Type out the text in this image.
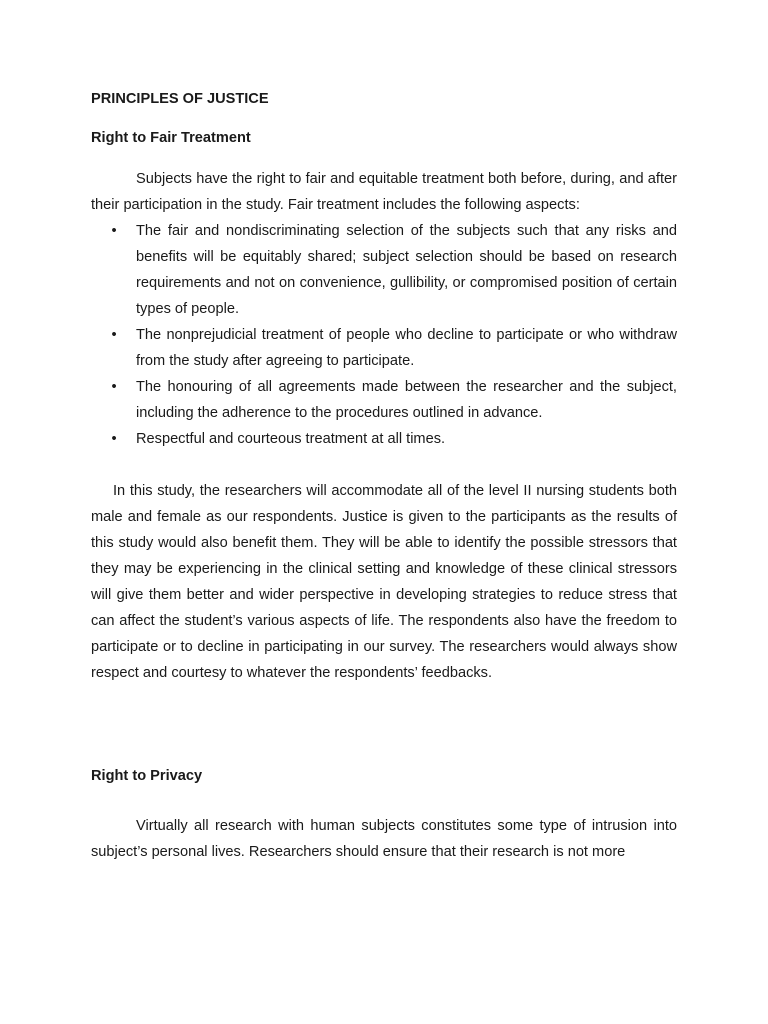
PRINCIPLES OF JUSTICE

Right to Fair Treatment

Subjects have the right to fair and equitable treatment both before, during, and after their participation in the study. Fair treatment includes the following aspects:

• The fair and nondiscriminating selection of the subjects such that any risks and benefits will be equitably shared; subject selection should be based on research requirements and not on convenience, gullibility, or compromised position of certain types of people.
• The nonprejudicial treatment of people who decline to participate or who withdraw from the study after agreeing to participate.
• The honouring of all agreements made between the researcher and the subject, including the adherence to the procedures outlined in advance.
• Respectful and courteous treatment at all times.

In this study, the researchers will accommodate all of the level II nursing students both male and female as our respondents. Justice is given to the participants as the results of this study would also benefit them. They will be able to identify the possible stressors that they may be experiencing in the clinical setting and knowledge of these clinical stressors will give them better and wider perspective in developing strategies to reduce stress that can affect the student’s various aspects of life. The respondents also have the freedom to participate or to decline in participating in our survey. The researchers would always show respect and courtesy to whatever the respondents’ feedbacks.

Right to Privacy

Virtually all research with human subjects constitutes some type of intrusion into subject’s personal lives. Researchers should ensure that their research is not more
